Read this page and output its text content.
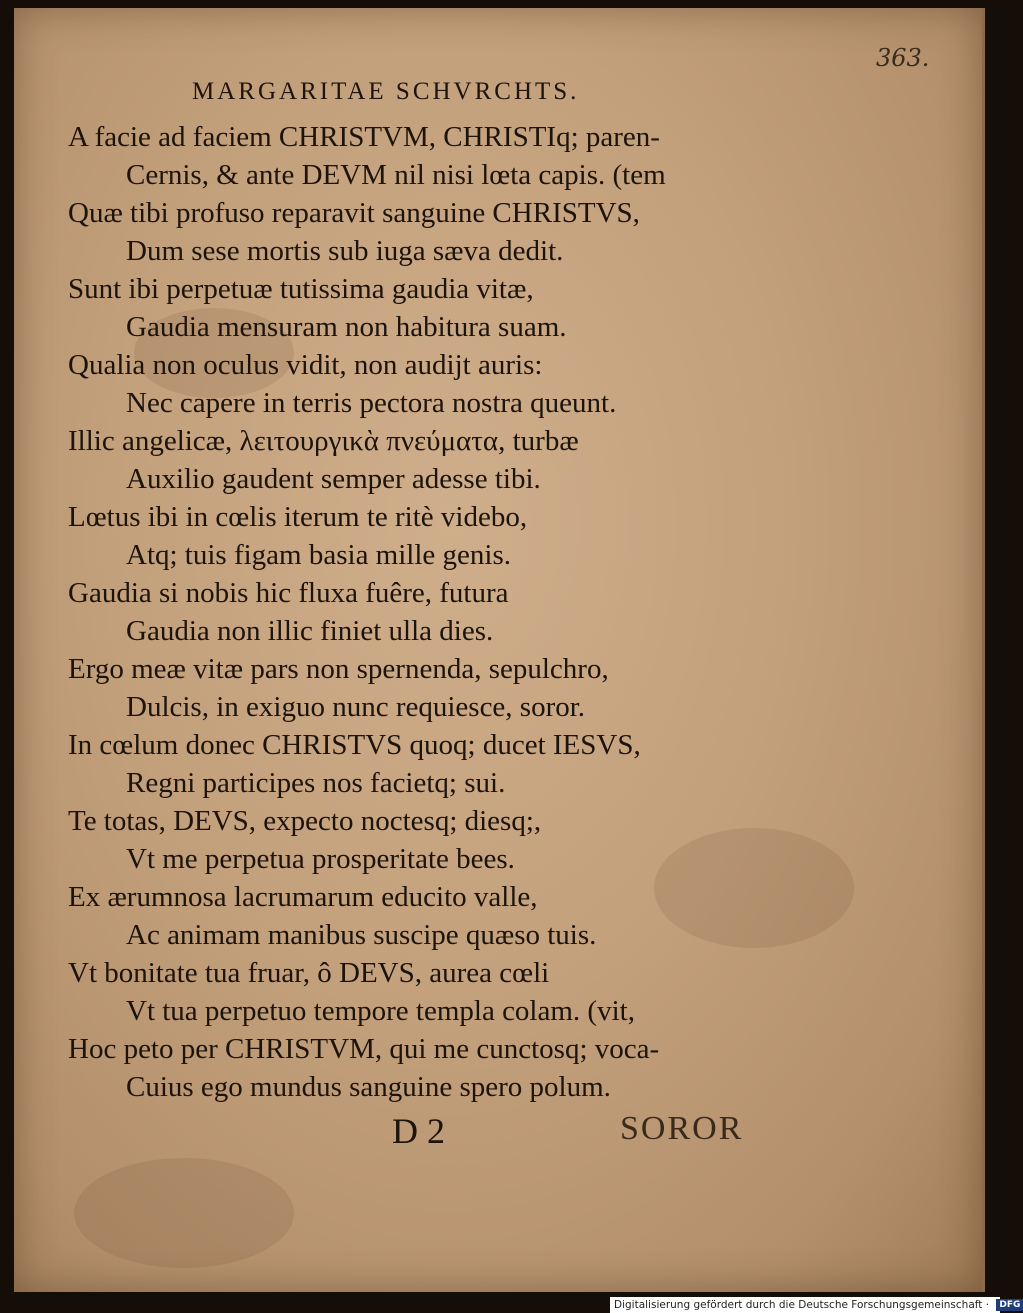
363.

MARGARITAE SCHVRCHTS.

A facie ad faciem CHRISTVM, CHRISTIq; paren-
Cernis, & ante DEVM nil nisi lœta capis. (tem
Quæ tibi profuso reparavit sanguine CHRISTVS,
Dum sese mortis sub iuga sæva dedit.
Sunt ibi perpetuæ tutissima gaudia vitæ,
Gaudia mensuram non habitura suam.
Qualia non oculus vidit, non audijt auris:
Nec capere in terris pectora nostra queunt.
Illic angelicæ, λειτουργικὰ πνεύματα, turbæ
Auxilio gaudent semper adesse tibi.
Lœtus ibi in cœlis iterum te ritè videbo,
Atq; tuis figam basia mille genis.
Gaudia si nobis hic fluxa fuêre, futura
Gaudia non illic finiet ulla dies.
Ergo meæ vitæ pars non spernenda, sepulchro,
Dulcis, in exiguo nunc requiesce, soror.
In cœlum donec CHRISTVS quoq; ducet IESVS,
Regni participes nos facietq; sui.
Te totas, DEVS, expecto noctesq; diesq;,
Vt me perpetua prosperitate bees.
Ex ærumnosa lacrumarum educito valle,
Ac animam manibus suscipe quæso tuis.
Vt bonitate tua fruar, ô DEVS, aurea cœli
Vt tua perpetuo tempore templa colam. (vit,
Hoc peto per CHRISTVM, qui me cunctosq; voca-
Cuius ego mundus sanguine spero polum.

D 2	SOROR

Digitalisierung gefördert durch die Deutsche Forschungsgemeinschaft · DFG
